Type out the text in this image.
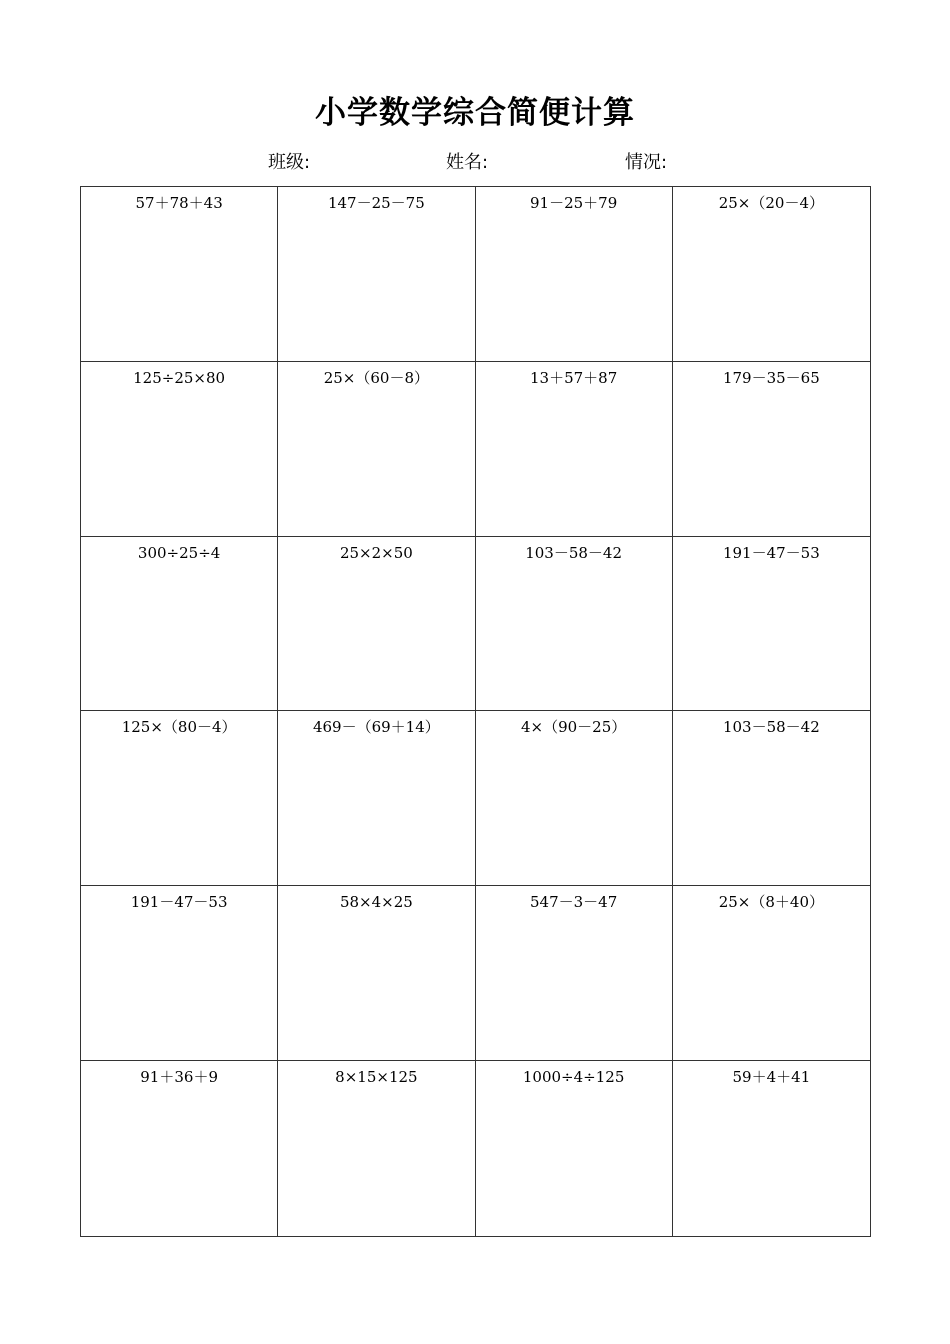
小学数学综合简便计算
班级:	姓名:	情况:
57＋78＋43	147－25－75	91－25＋79	25×（20－4）
125÷25×80	25×（60－8）	13＋57＋87	179－35－65
300÷25÷4	25×2×50	103－58－42	191－47－53
125×（80－4）	469－（69＋14）	4×（90－25）	103－58－42
191－47－53	58×4×25	547－3－47	25×（8＋40）
91＋36＋9	8×15×125	1000÷4÷125	59＋4＋41
